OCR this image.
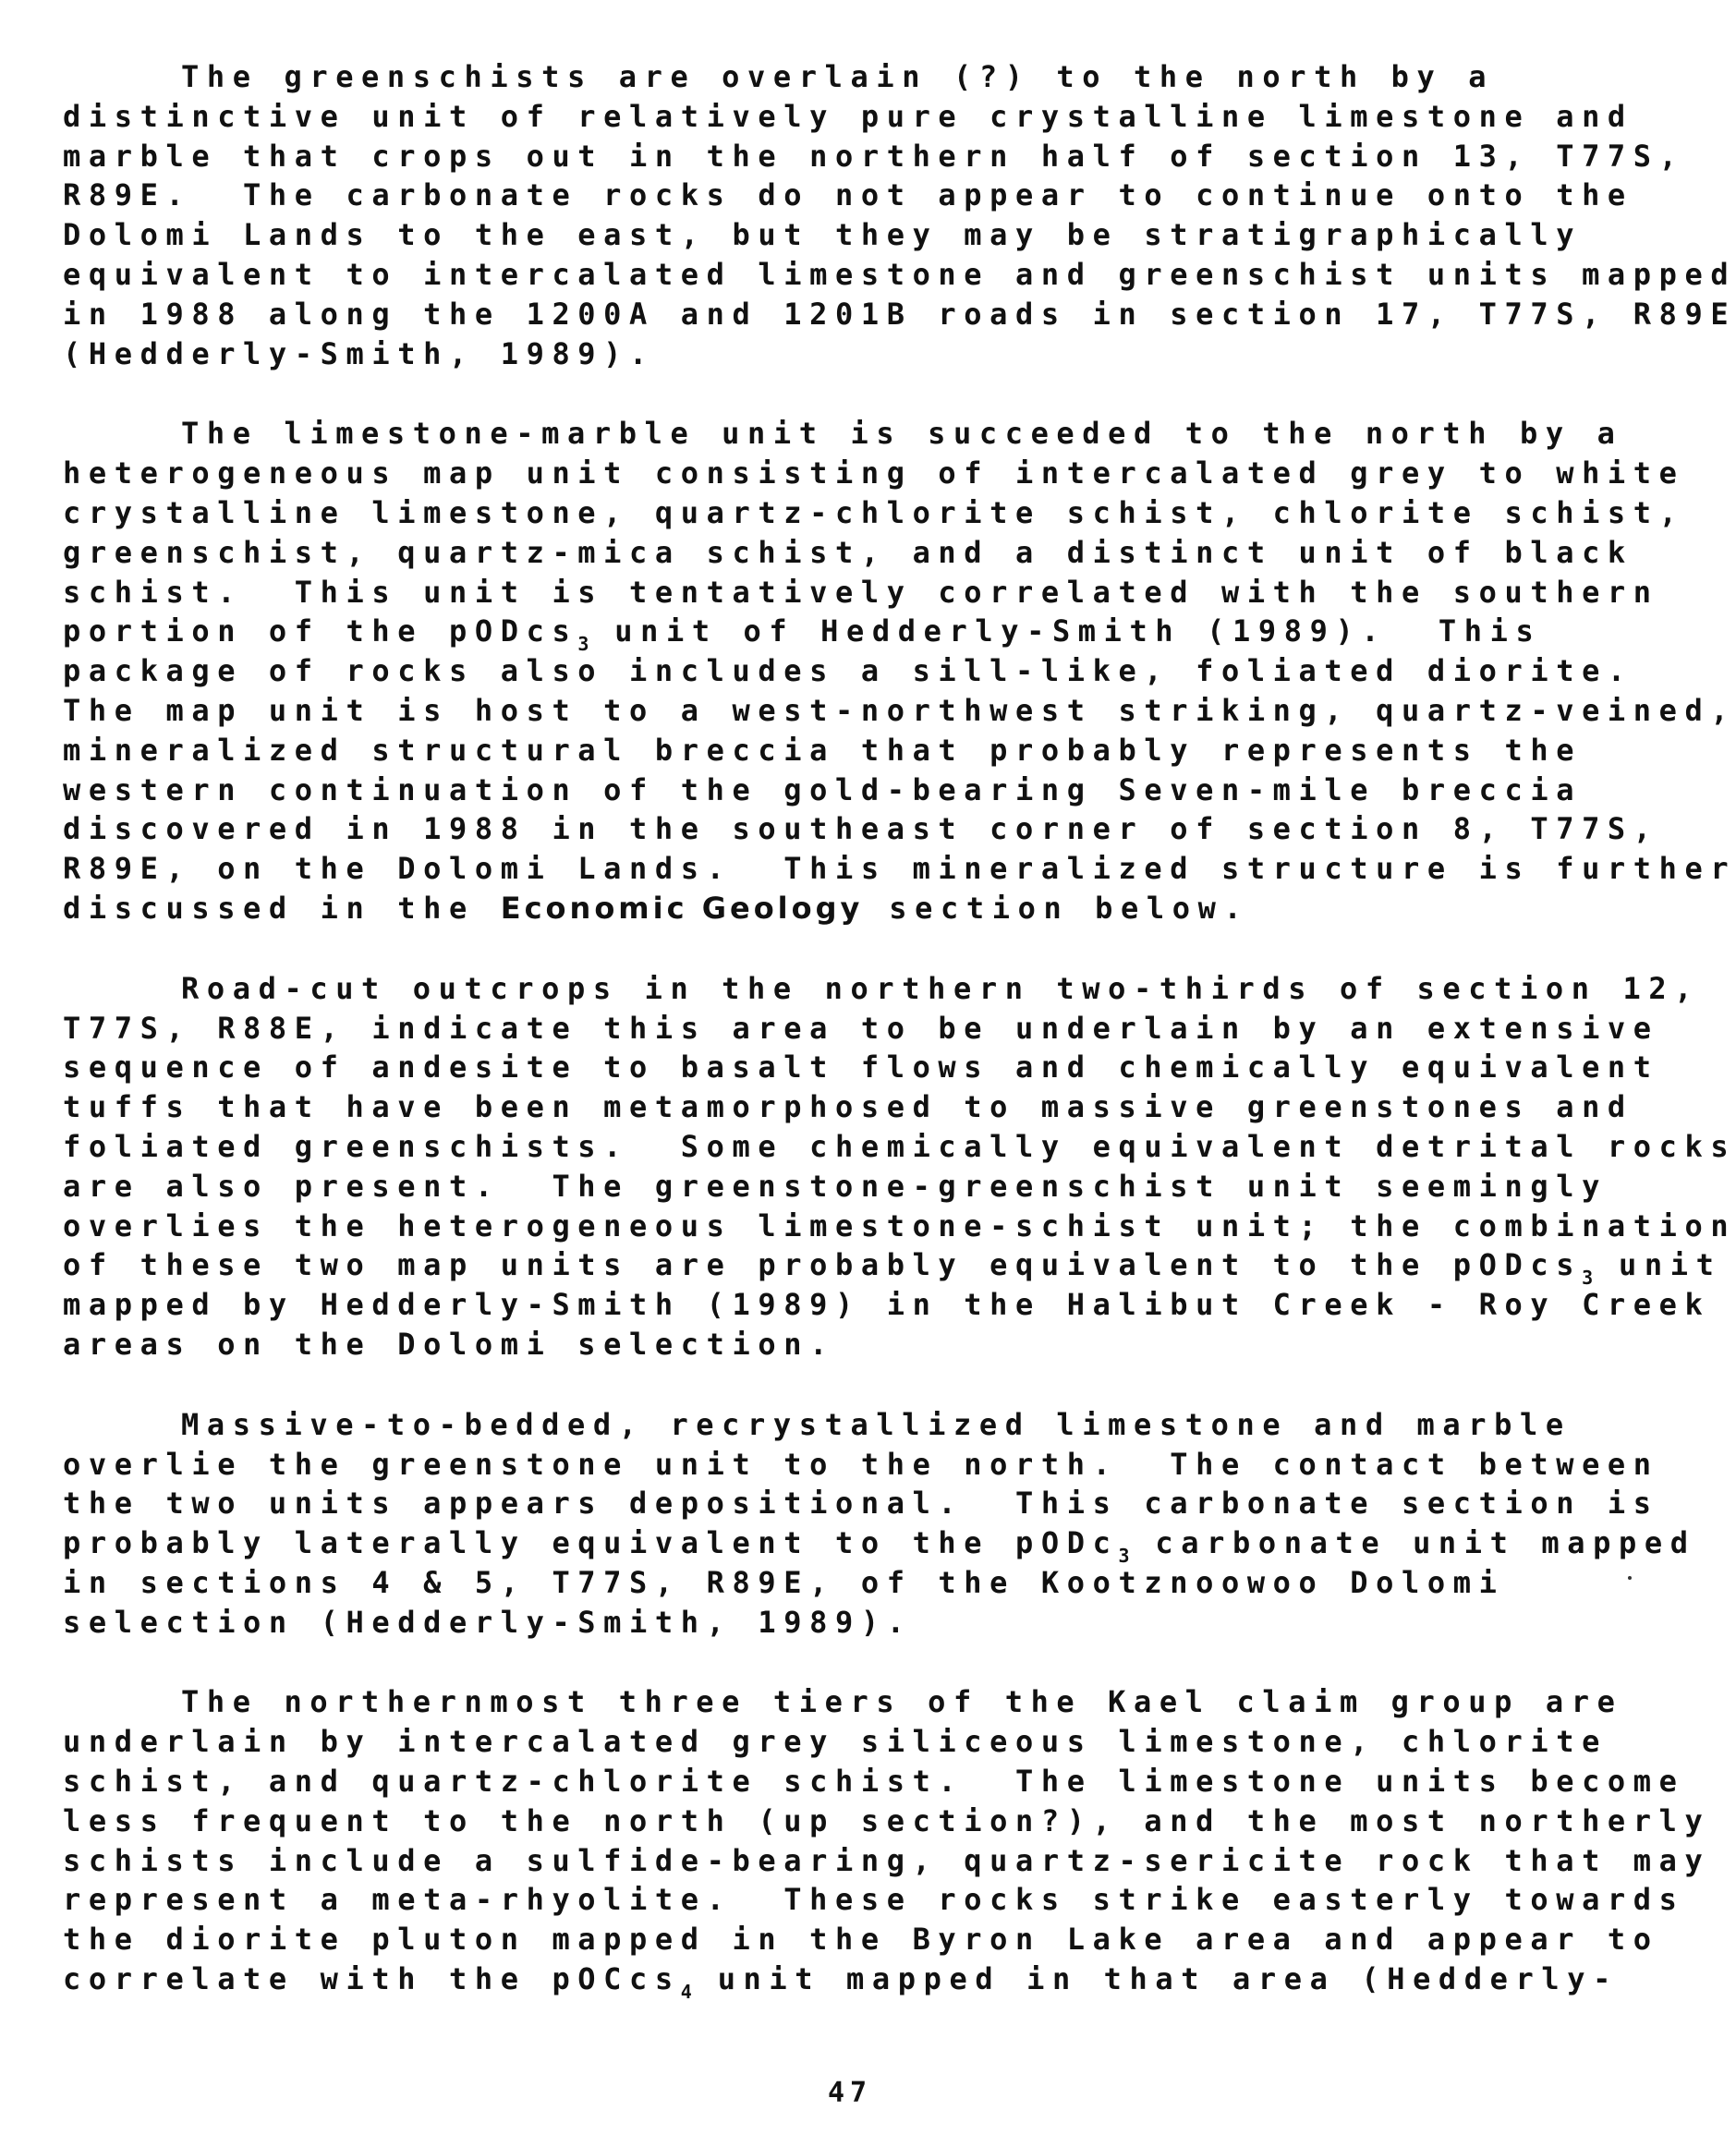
The greenschists are overlain (?) to the north by a
distinctive unit of relatively pure crystalline limestone and
marble that crops out in the northern half of section 13, T77S,
R89E.  The carbonate rocks do not appear to continue onto the
Dolomi Lands to the east, but they may be stratigraphically
equivalent to intercalated limestone and greenschist units mapped
in 1988 along the 1200A and 1201B roads in section 17, T77S, R89E
(Hedderly-Smith, 1989).
The limestone-marble unit is succeeded to the north by a
heterogeneous map unit consisting of intercalated grey to white
crystalline limestone, quartz-chlorite schist, chlorite schist,
greenschist, quartz-mica schist, and a distinct unit of black
schist.  This unit is tentatively correlated with the southern
portion of the pODcs$_3$ unit of Hedderly-Smith (1989).  This
package of rocks also includes a sill-like, foliated diorite.
The map unit is host to a west-northwest striking, quartz-veined,
mineralized structural breccia that probably represents the
western continuation of the gold-bearing Seven-mile breccia
discovered in 1988 in the southeast corner of section 8, T77S,
R89E, on the Dolomi Lands.  This mineralized structure is further
discussed in the Economic Geology section below.
Road-cut outcrops in the northern two-thirds of section 12,
T77S, R88E, indicate this area to be underlain by an extensive
sequence of andesite to basalt flows and chemically equivalent
tuffs that have been metamorphosed to massive greenstones and
foliated greenschists.  Some chemically equivalent detrital rocks
are also present.  The greenstone-greenschist unit seemingly
overlies the heterogeneous limestone-schist unit; the combination
of these two map units are probably equivalent to the pODcs$_3$ unit
mapped by Hedderly-Smith (1989) in the Halibut Creek - Roy Creek
areas on the Dolomi selection.
Massive-to-bedded, recrystallized limestone and marble
overlie the greenstone unit to the north.  The contact between
the two units appears depositional.  This carbonate section is
probably laterally equivalent to the pODc$_3$ carbonate unit mapped
in sections 4 & 5, T77S, R89E, of the Kootznoowoo Dolomi
selection (Hedderly-Smith, 1989).
The northernmost three tiers of the Kael claim group are
underlain by intercalated grey siliceous limestone, chlorite
schist, and quartz-chlorite schist.  The limestone units become
less frequent to the north (up section?), and the most northerly
schists include a sulfide-bearing, quartz-sericite rock that may
represent a meta-rhyolite.  These rocks strike easterly towards
the diorite pluton mapped in the Byron Lake area and appear to
correlate with the pOCcs$_4$ unit mapped in that area (Hedderly-
47
